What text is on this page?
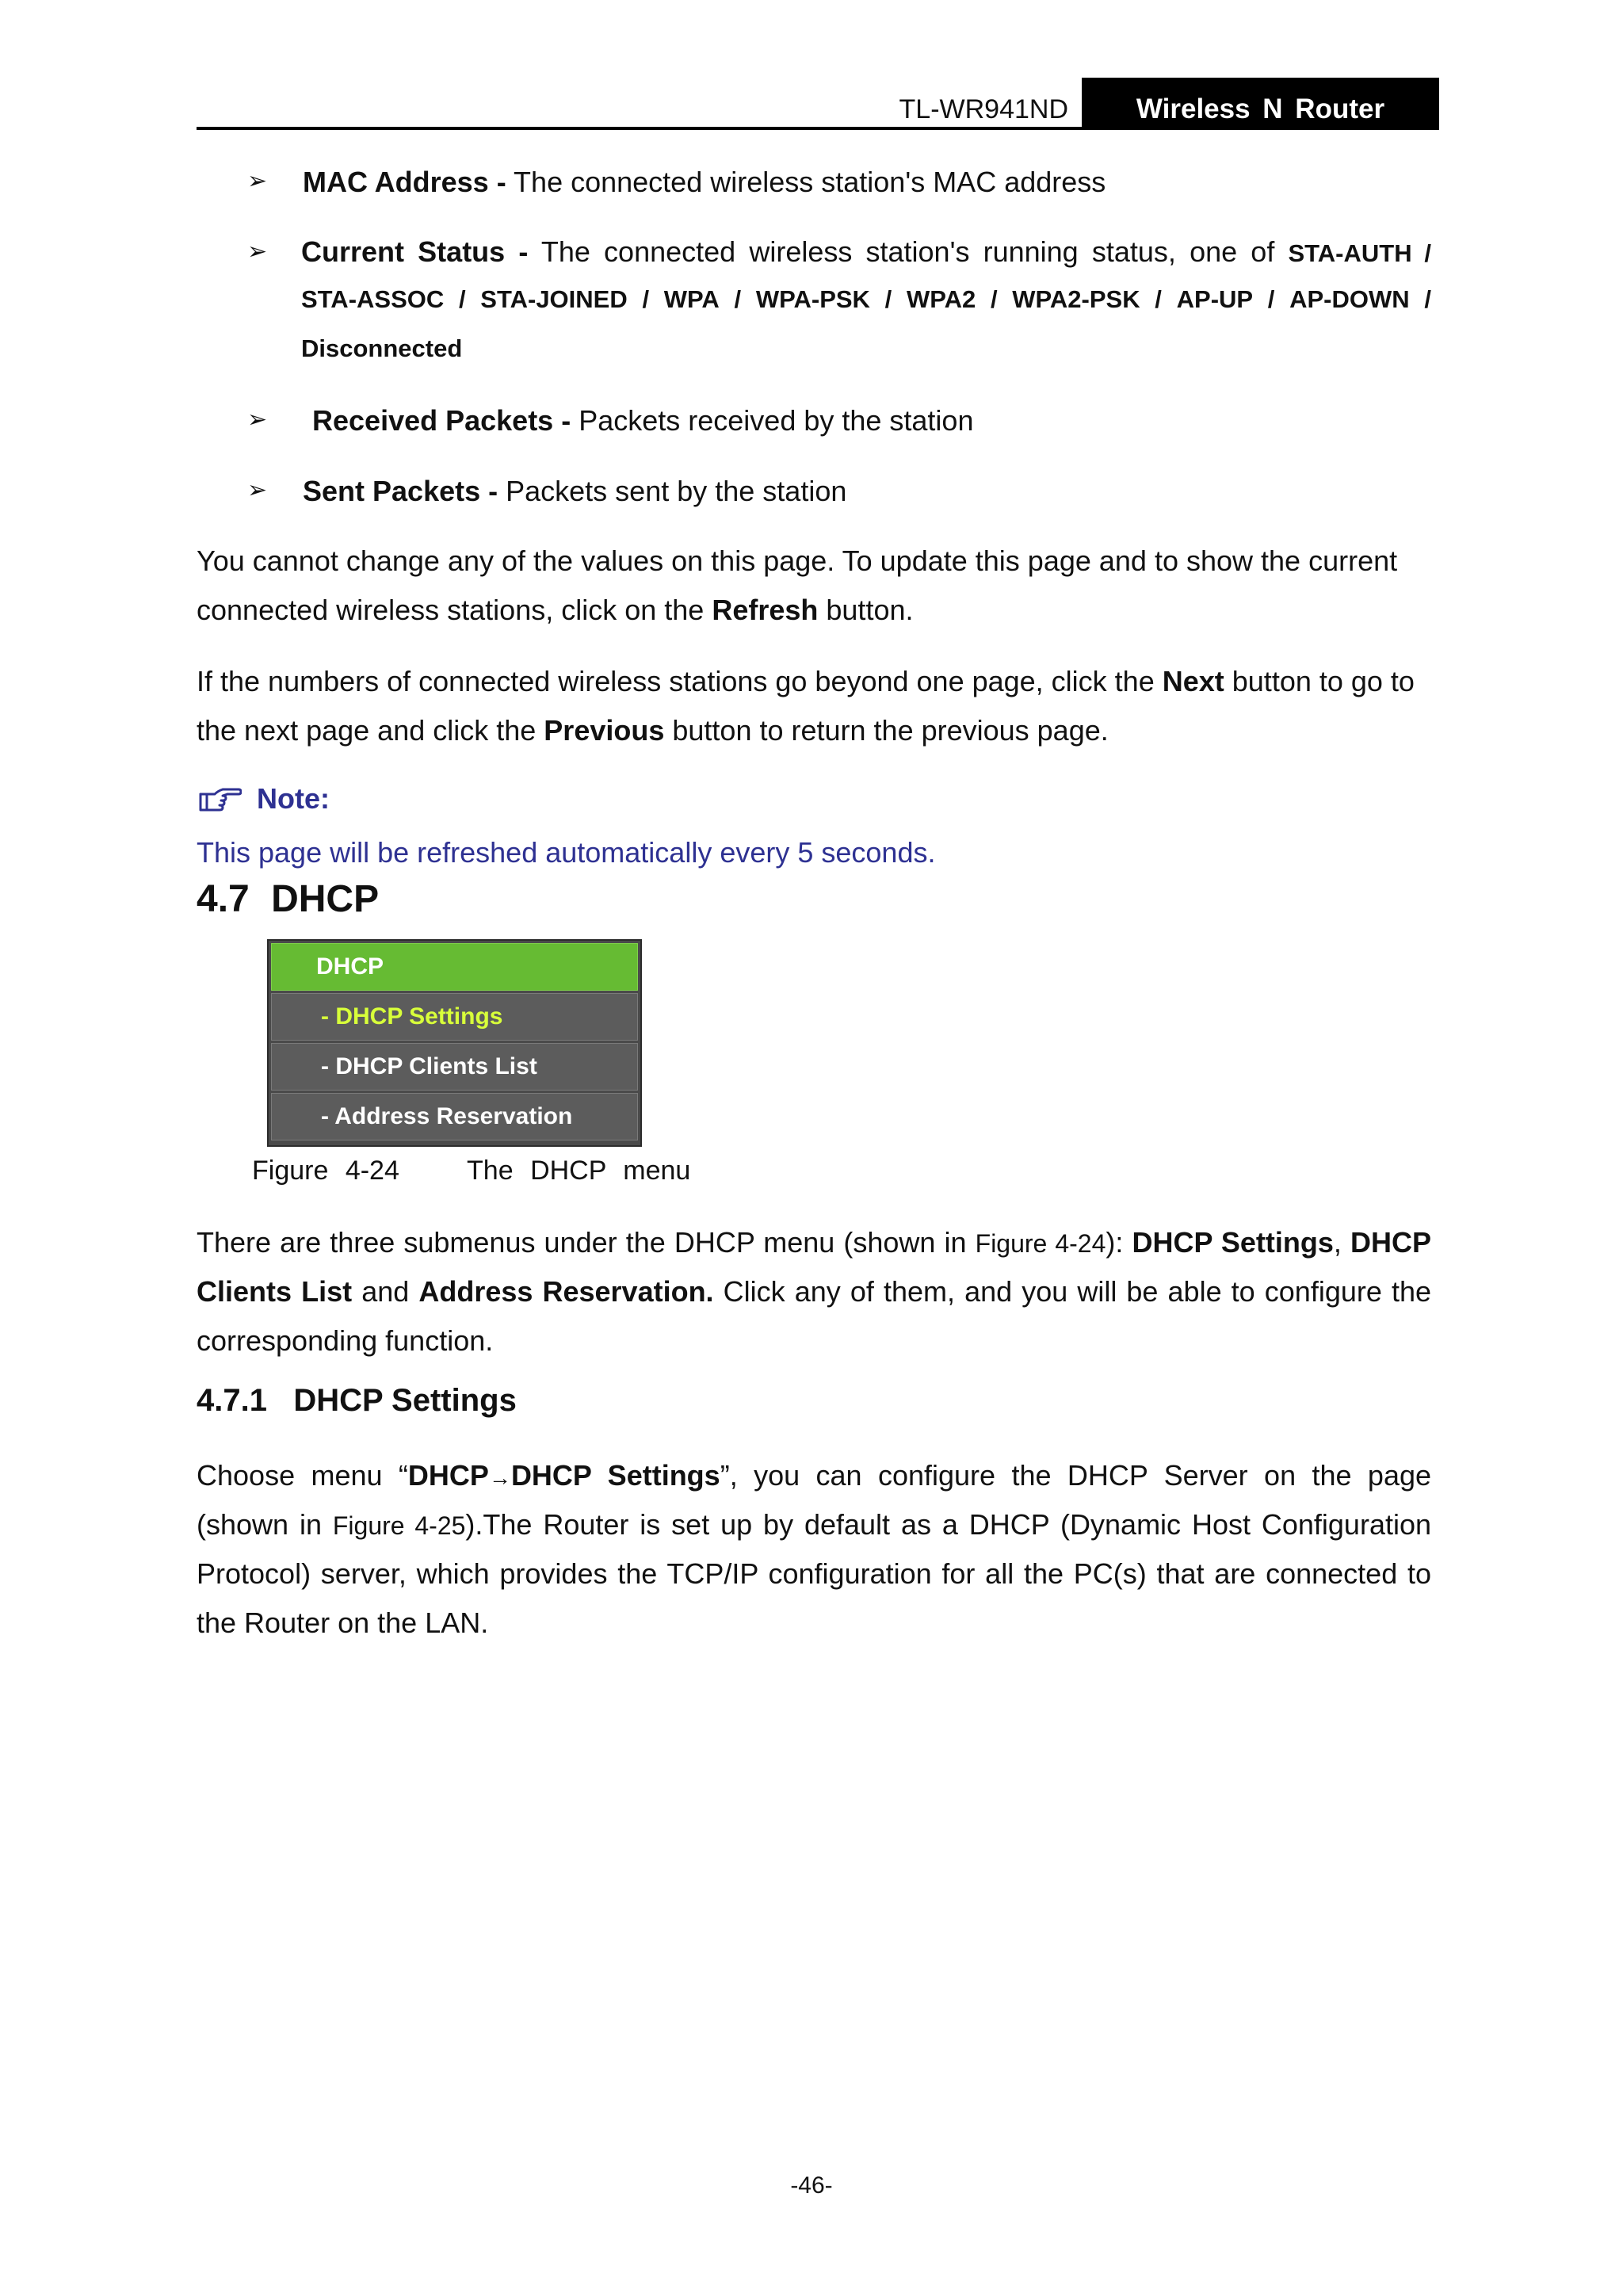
TL-WR941ND	Wireless N Router
➢ MAC Address - The connected wireless station's MAC address
➢ Current Status - The connected wireless station's running status, one of STA-AUTH /
STA-ASSOC / STA-JOINED / WPA / WPA-PSK / WPA2 / WPA2-PSK / AP-UP / AP-DOWN /
Disconnected
➢ Received Packets - Packets received by the station
➢ Sent Packets - Packets sent by the station
You cannot change any of the values on this page. To update this page and to show the current
connected wireless stations, click on the Refresh button.
If the numbers of connected wireless stations go beyond one page, click the Next button to go to
the next page and click the Previous button to return the previous page.
Note:
This page will be refreshed automatically every 5 seconds.
4.7 DHCP
DHCP
- DHCP Settings
- DHCP Clients List
- Address Reservation
Figure 4-24    The DHCP menu
There are three submenus under the DHCP menu (shown in Figure 4-24): DHCP Settings, DHCP
Clients List and Address Reservation. Click any of them, and you will be able to configure the
corresponding function.
4.7.1 DHCP Settings
Choose menu “DHCP→DHCP Settings”, you can configure the DHCP Server on the page
(shown in Figure 4-25).The Router is set up by default as a DHCP (Dynamic Host Configuration
Protocol) server, which provides the TCP/IP configuration for all the PC(s) that are connected to
the Router on the LAN.
-46-
